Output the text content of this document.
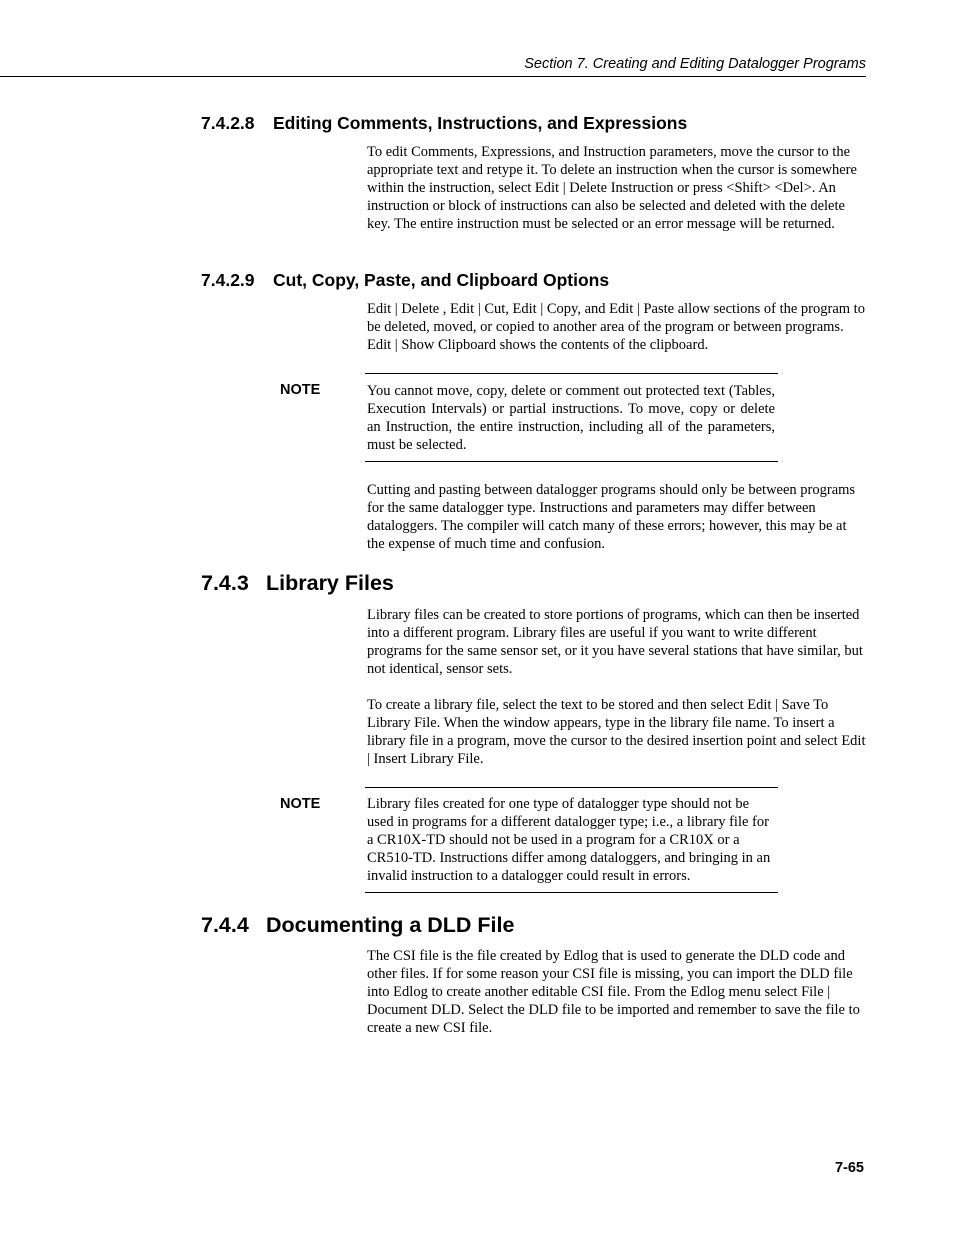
Section 7. Creating and Editing Datalogger Programs
7.4.2.8 Editing Comments, Instructions, and Expressions

To edit Comments, Expressions, and Instruction parameters, move the cursor to the appropriate text and retype it. To delete an instruction when the cursor is somewhere within the instruction, select Edit | Delete Instruction or press <Shift> <Del>. An instruction or block of instructions can also be selected and deleted with the delete key. The entire instruction must be selected or an error message will be returned.

7.4.2.9 Cut, Copy, Paste, and Clipboard Options

Edit | Delete , Edit | Cut, Edit | Copy, and Edit | Paste allow sections of the program to be deleted, moved, or copied to another area of the program or between programs. Edit | Show Clipboard shows the contents of the clipboard.

NOTE	You cannot move, copy, delete or comment out protected text (Tables, Execution Intervals) or partial instructions. To move, copy or delete an Instruction, the entire instruction, including all of the parameters, must be selected.

Cutting and pasting between datalogger programs should only be between programs for the same datalogger type. Instructions and parameters may differ between dataloggers. The compiler will catch many of these errors; however, this may be at the expense of much time and confusion.

7.4.3 Library Files

Library files can be created to store portions of programs, which can then be inserted into a different program. Library files are useful if you want to write different programs for the same sensor set, or it you have several stations that have similar, but not identical, sensor sets.

To create a library file, select the text to be stored and then select Edit | Save To Library File. When the window appears, type in the library file name. To insert a library file in a program, move the cursor to the desired insertion point and select Edit | Insert Library File.

NOTE	Library files created for one type of datalogger type should not be used in programs for a different datalogger type; i.e., a library file for a CR10X-TD should not be used in a program for a CR10X or a CR510-TD. Instructions differ among dataloggers, and bringing in an invalid instruction to a datalogger could result in errors.

7.4.4 Documenting a DLD File

The CSI file is the file created by Edlog that is used to generate the DLD code and other files. If for some reason your CSI file is missing, you can import the DLD file into Edlog to create another editable CSI file. From the Edlog menu select File | Document DLD. Select the DLD file to be imported and remember to save the file to create a new CSI file.

7-65
